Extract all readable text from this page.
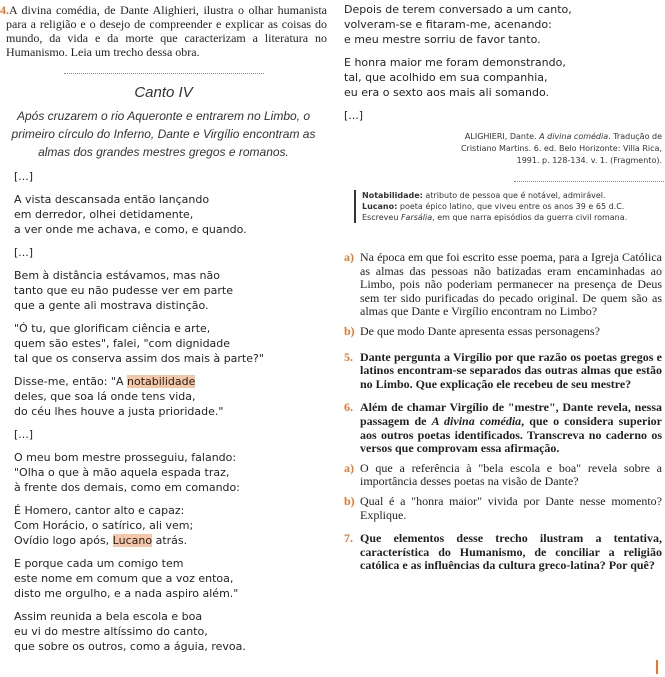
4.A divina comédia, de Dante Alighieri, ilustra o olhar humanista para a religião e o desejo de compreender e explicar as coisas do mundo, da vida e da morte que caracterizam a literatura no Humanismo. Leia um trecho dessa obra.

Canto IV
Após cruzarem o rio Aqueronte e entrarem no Limbo, o primeiro círculo do Inferno, Dante e Virgílio encontram as almas dos grandes mestres gregos e romanos.
[...]
A vista descansada então lançando
em derredor, olhei detidamente,
a ver onde me achava, e como, e quando.
[...]
Bem à distância estávamos, mas não
tanto que eu não pudesse ver em parte
que a gente ali mostrava distinção.
"Ó tu, que glorificam ciência e arte,
quem são estes", falei, "com dignidade
tal que os conserva assim dos mais à parte?"
Disse-me, então: "A notabilidade
deles, que soa lá onde tens vida,
do céu lhes houve a justa prioridade."
[...]
O meu bom mestre prosseguiu, falando:
"Olha o que à mão aquela espada traz,
à frente dos demais, como em comando:
É Homero, cantor alto e capaz:
Com Horácio, o satírico, ali vem;
Ovídio logo após, Lucano atrás.
E porque cada um comigo tem
este nome em comum que a voz entoa,
disto me orgulho, e a nada aspiro além."
Assim reunida a bela escola e boa
eu vi do mestre altíssimo do canto,
que sobre os outros, como a águia, revoa.
Depois de terem conversado a um canto,
volveram-se e fitaram-me, acenando:
e meu mestre sorriu de favor tanto.
E honra maior me foram demonstrando,
tal, que acolhido em sua companhia,
eu era o sexto aos mais ali somando.
[...]
ALIGHIERI, Dante. A divina comédia. Tradução de
Cristiano Martins. 6. ed. Belo Horizonte: Villa Rica,
1991. p. 128-134. v. 1. (Fragmento).
Notabilidade: atributo de pessoa que é notável, admirável.
Lucano: poeta épico latino, que viveu entre os anos 39 e 65 d.C. Escreveu Farsália, em que narra episódios da guerra civil romana.
a) Na época em que foi escrito esse poema, para a Igreja Católica as almas das pessoas não batizadas eram encaminhadas ao Limbo, pois não poderiam permanecer na presença de Deus sem ter sido purificadas do pecado original. De quem são as almas que Dante e Virgílio encontram no Limbo?
b) De que modo Dante apresenta essas personagens?
5. Dante pergunta a Virgílio por que razão os poetas gregos e latinos encontram-se separados das outras almas que estão no Limbo. Que explicação ele recebeu de seu mestre?
6. Além de chamar Virgílio de "mestre", Dante revela, nessa passagem de A divina comédia, que o considera superior aos outros poetas identificados. Transcreva no caderno os versos que comprovam essa afirmação.
a) O que a referência à "bela escola e boa" revela sobre a importância desses poetas na visão de Dante?
b) Qual é a "honra maior" vivida por Dante nesse momento? Explique.
7. Que elementos desse trecho ilustram a tentativa, característica do Humanismo, de conciliar a religião católica e as influências da cultura greco-latina? Por quê?
